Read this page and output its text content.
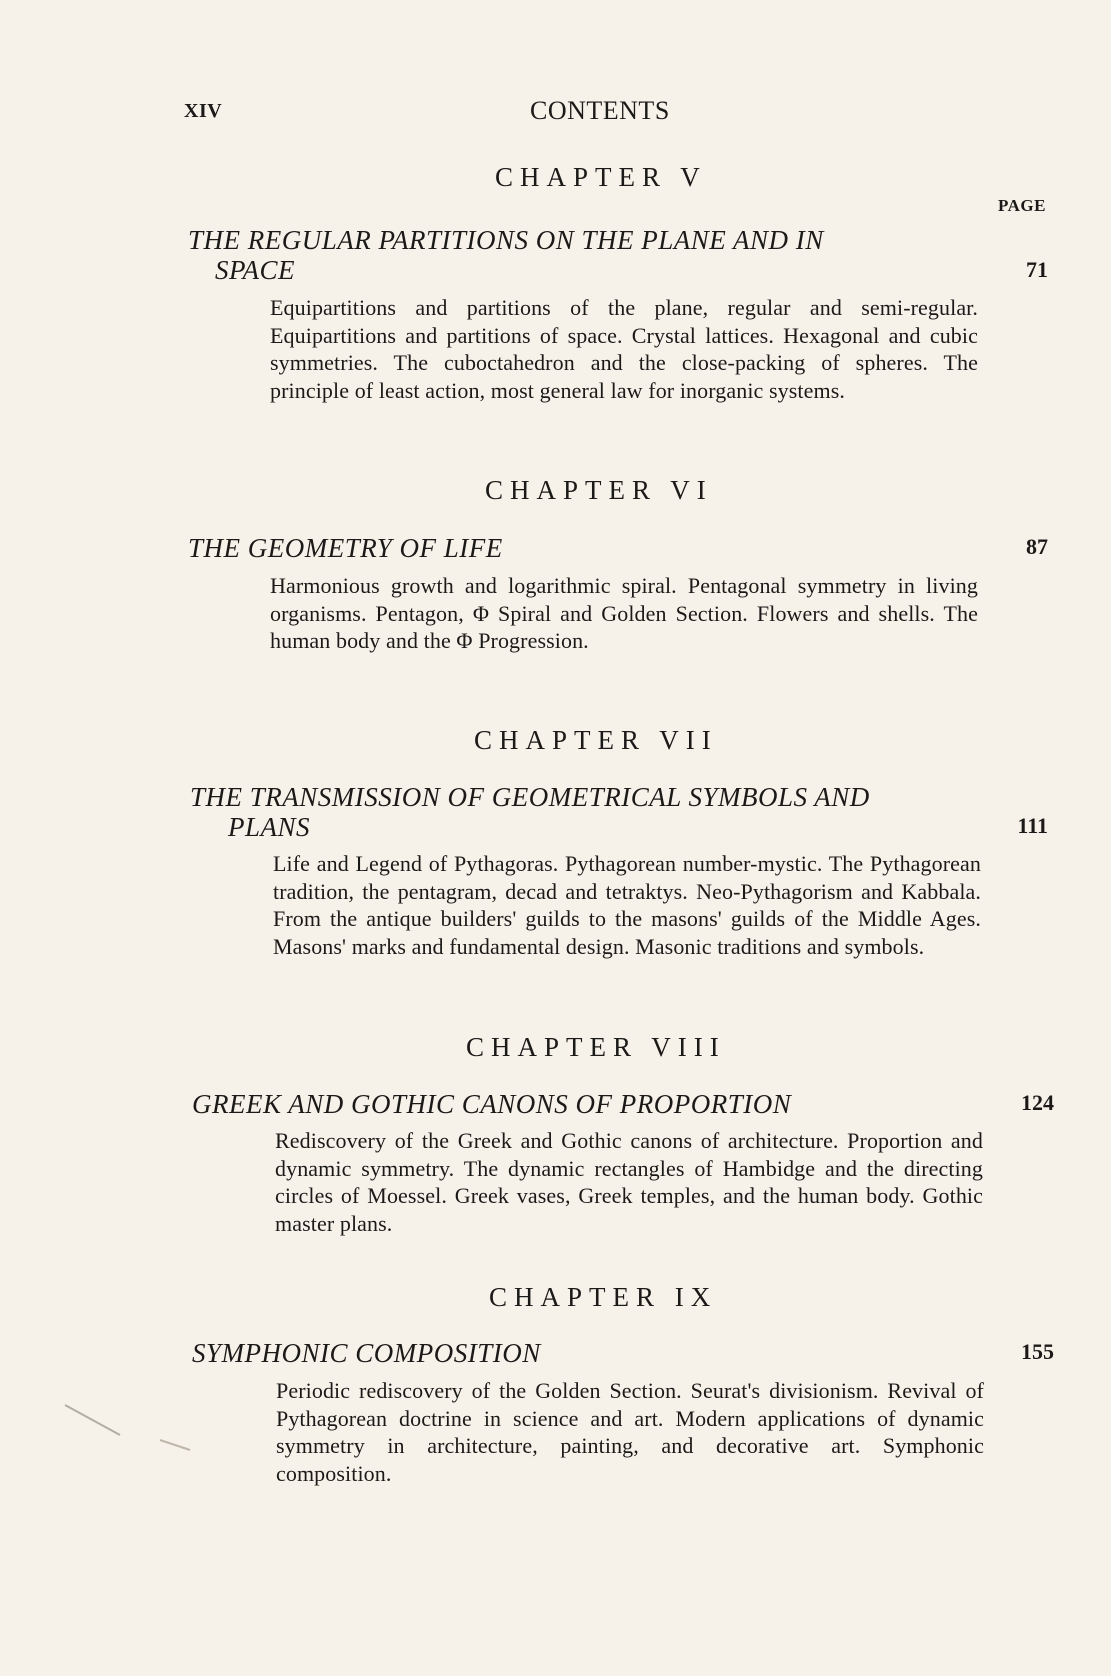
XIV	CONTENTS
PAGE
CHAPTER V
THE REGULAR PARTITIONS ON THE PLANE AND IN
SPACE	71
Equipartitions and partitions of the plane, regular and semi-regular. Equipartitions and partitions of space. Crystal lattices. Hexagonal and cubic symmetries. The cuboctahedron and the close-packing of spheres. The principle of least action, most general law for inorganic systems.
CHAPTER VI
THE GEOMETRY OF LIFE	87
Harmonious growth and logarithmic spiral. Pentagonal symmetry in living organisms. Pentagon, Φ Spiral and Golden Section. Flowers and shells. The human body and the Φ Progression.
CHAPTER VII
THE TRANSMISSION OF GEOMETRICAL SYMBOLS AND
PLANS	111
Life and Legend of Pythagoras. Pythagorean number-mystic. The Pythagorean tradition, the pentagram, decad and tetraktys. Neo-Pythagorism and Kabbala. From the antique builders' guilds to the masons' guilds of the Middle Ages. Masons' marks and fundamental design. Masonic traditions and symbols.
CHAPTER VIII
GREEK AND GOTHIC CANONS OF PROPORTION	124
Rediscovery of the Greek and Gothic canons of architecture. Proportion and dynamic symmetry. The dynamic rectangles of Hambidge and the directing circles of Moessel. Greek vases, Greek temples, and the human body. Gothic master plans.
CHAPTER IX
SYMPHONIC COMPOSITION	155
Periodic rediscovery of the Golden Section. Seurat's divisionism. Revival of Pythagorean doctrine in science and art. Modern applications of dynamic symmetry in architecture, painting, and decorative art. Symphonic composition.
